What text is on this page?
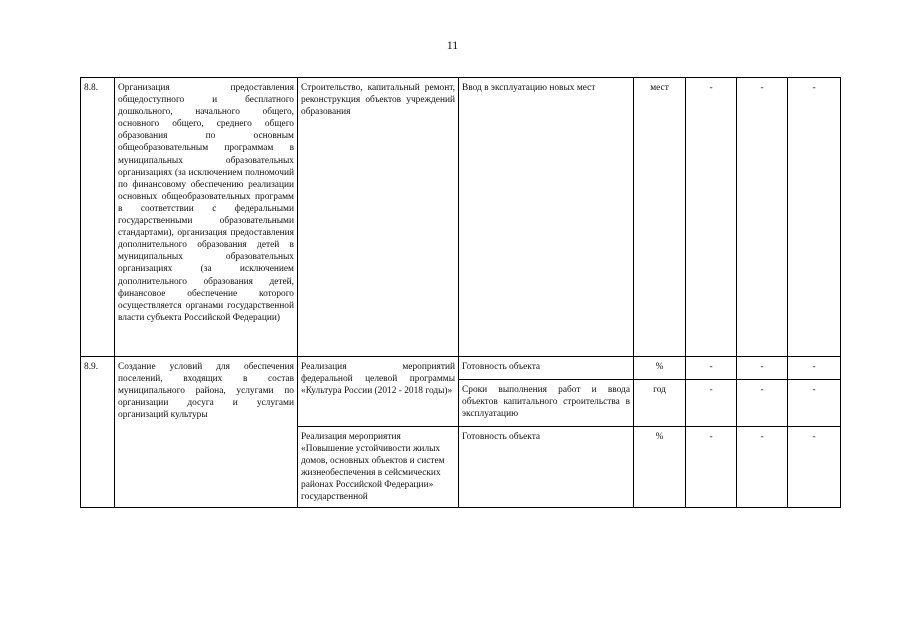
11
8.8.	Организация предоставления общедоступного и бесплатного дошкольного, начального общего, основного общего, среднего общего образования по основным общеобразовательным программам в муниципальных образовательных организациях (за исключением полномочий по финансовому обеспечению реализации основных общеобразовательных программ в соответствии с федеральными государственными образовательными стандартами), организация предоставления дополнительного образования детей в муниципальных образовательных организациях (за исключением дополнительного образования детей, финансовое обеспечение которого осуществляется органами государственной власти субъекта Российской Федерации)	Строительство, капитальный ремонт, реконструкция объектов учреждений образования	Ввод в эксплуатацию новых мест	мест	-	-	-
8.9.	Создание условий для обеспечения поселений, входящих в состав муниципального района, услугами по организации досуга и услугами организаций культуры	Реализация мероприятий федеральной целевой программы «Культура России (2012 - 2018 годы)»	Готовность объекта	%	-	-	-
			Сроки выполнения работ и ввода объектов капитального строительства в эксплуатацию	год	-	-	-
		Реализация мероприятия «Повышение устойчивости жилых домов, основных объектов и систем жизнеобеспечения в сейсмических районах Российской Федерации» государственной	Готовность объекта	%	-	-	-
